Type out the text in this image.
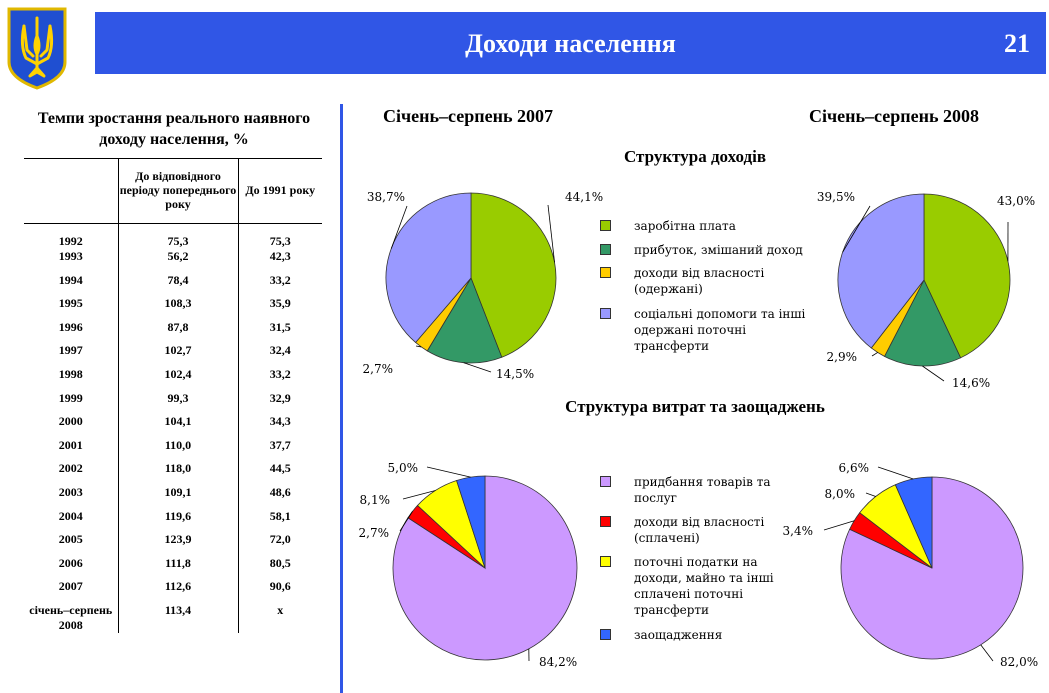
Доходи населення	21
Темпи зростання реального наявного доходу населення, %
	До відповідного періоду попереднього року	До 1991 року
1992	75,3	75,3
1993	56,2	42,3
1994	78,4	33,2
1995	108,3	35,9
1996	87,8	31,5
1997	102,7	32,4
1998	102,4	33,2
1999	99,3	32,9
2000	104,1	34,3
2001	110,0	37,7
2002	118,0	44,5
2003	109,1	48,6
2004	119,6	58,1
2005	123,9	72,0
2006	111,8	80,5
2007	112,6	90,6
січень–серпень 2008	113,4	x
Січень–серпень 2007	Січень–серпень 2008
Структура доходів
Структура витрат та заощаджень
44,1%
14,5%
2,7%
38,7%	43,0%
14,6%
2,9%
39,5%
84,2%
2,7%
8,1%
5,0%
82,0%
3,4%
8,0%
6,6%
заробітна плата
прибуток, змішаний доход
доходи від власності
(одержані)
соціальні допомоги та інші
одержані поточні трансферти
придбання товарів та
послуг
доходи від власності
(сплачені)
поточні податки на
доходи, майно та інші
сплачені поточні
трансферти
заощадження
